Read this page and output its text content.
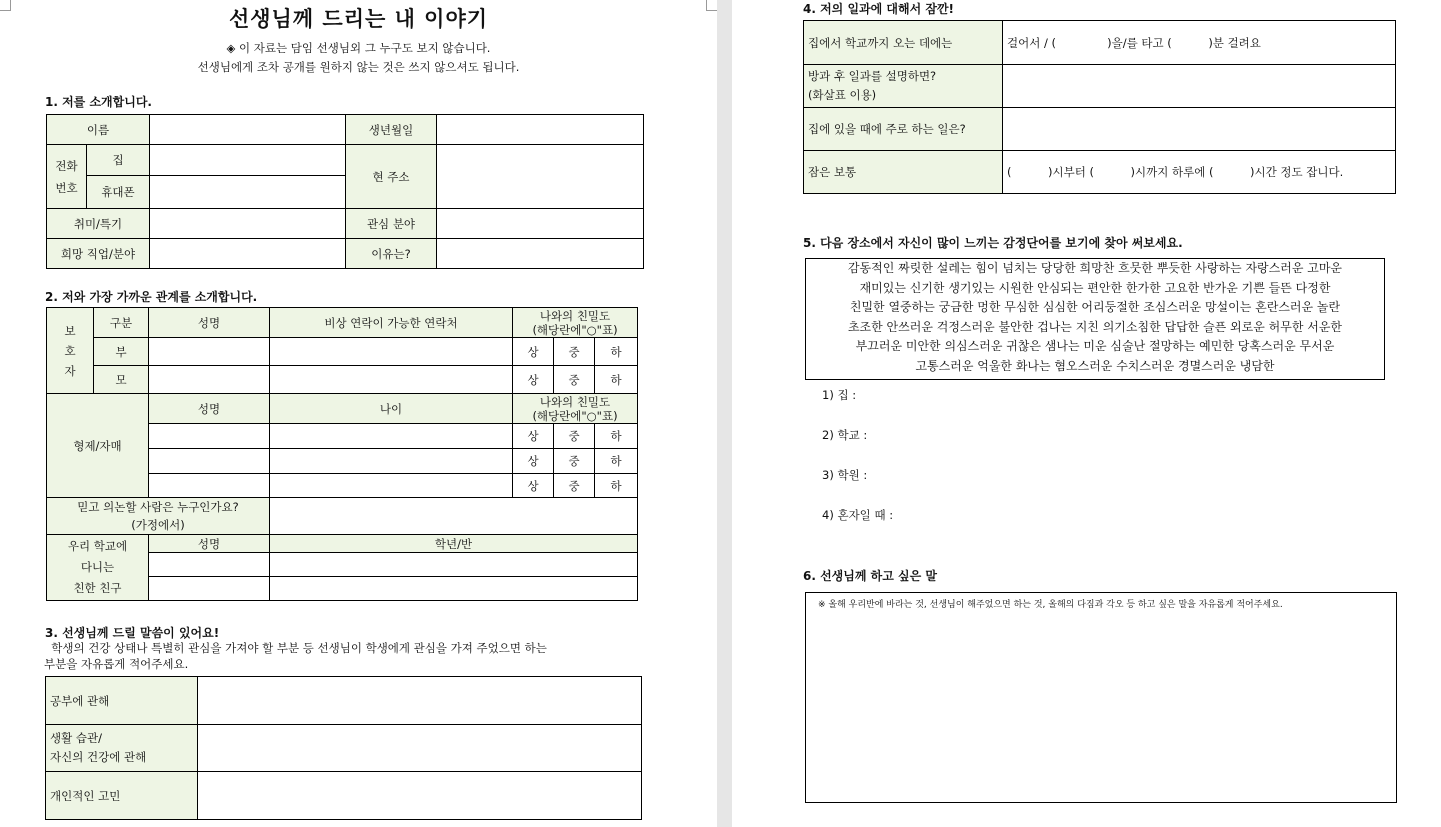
선생님께 드리는 내 이야기
◈ 이 자료는 담임 선생님외 그 누구도 보지 않습니다.
선생님에게 조차 공개를 원하지 않는 것은 쓰지 않으셔도 됩니다.
1. 저를 소개합니다.
이름			생년월일	
전화
번호	집		현 주소	
	휴대폰			
취미/특기			관심 분야	
희망 직업/분야			이유는?	
2. 저와 가장 가까운 관계를 소개합니다.
보
호
자	구분	성명	비상 연락이 가능한 연락처	나와의 친밀도
(해당란에"○"표)		
	부			상	중	하
	모			상	중	하
형제/자매		성명	나이	나와의 친밀도
(해당란에"○"표)		
				상	중	하
				상	중	하
				상	중	하
믿고 의논할 사람은 누구인가요?
(가정에서)						
우리 학교에
다니는
친한 친구		성명	학년/반			

3. 선생님께 드릴 말씀이 있어요!
학생의 건강 상태나 특별히 관심을 가져야 할 부분 등 선생님이 학생에게 관심을 가져 주었으면 하는
부분을 자유롭게 적어주세요.
공부에 관해	
생활 습관/
자신의 건강에 관해	
개인적인 고민	
4. 저의 일과에 대해서 잠깐!
집에서 학교까지 오는 데에는	걸어서 / (              )을/를 타고 (          )분 걸려요
방과 후 일과를 설명하면?
(화살표 이용)	
집에 있을 때에 주로 하는 일은?	
잠은 보통	(          )시부터 (          )시까지 하루에 (          )시간 정도 잡니다.
5. 다음 장소에서 자신이 많이 느끼는 감정단어를 보기에 찾아 써보세요.
감동적인 짜릿한 설레는 힘이 넘치는 당당한 희망찬 흐뭇한 뿌듯한 사랑하는 자랑스러운 고마운
재미있는 신기한 생기있는 시원한 안심되는 편안한 한가한 고요한 반가운 기쁜 들뜬 다정한
친밀한 열중하는 궁금한 멍한 무심한 심심한 어리둥절한 조심스러운 망설이는 혼란스러운 놀란
초조한 안쓰러운 걱정스러운 불안한 겁나는 지친 의기소침한 답답한 슬픈 외로운 허무한 서운한
부끄러운 미안한 의심스러운 귀찮은 샘나는 미운 심술난 절망하는 예민한 당혹스러운 무서운
고통스러운 억울한 화나는 혐오스러운 수치스러운 경멸스러운 냉담한
1) 집 :
2) 학교 :
3) 학원 :
4) 혼자일 때 :
6. 선생님께 하고 싶은 말
※ 올해 우리반에 바라는 것, 선생님이 해주었으면 하는 것, 올해의 다짐과 각오 등 하고 싶은 말을 자유롭게 적어주세요.
